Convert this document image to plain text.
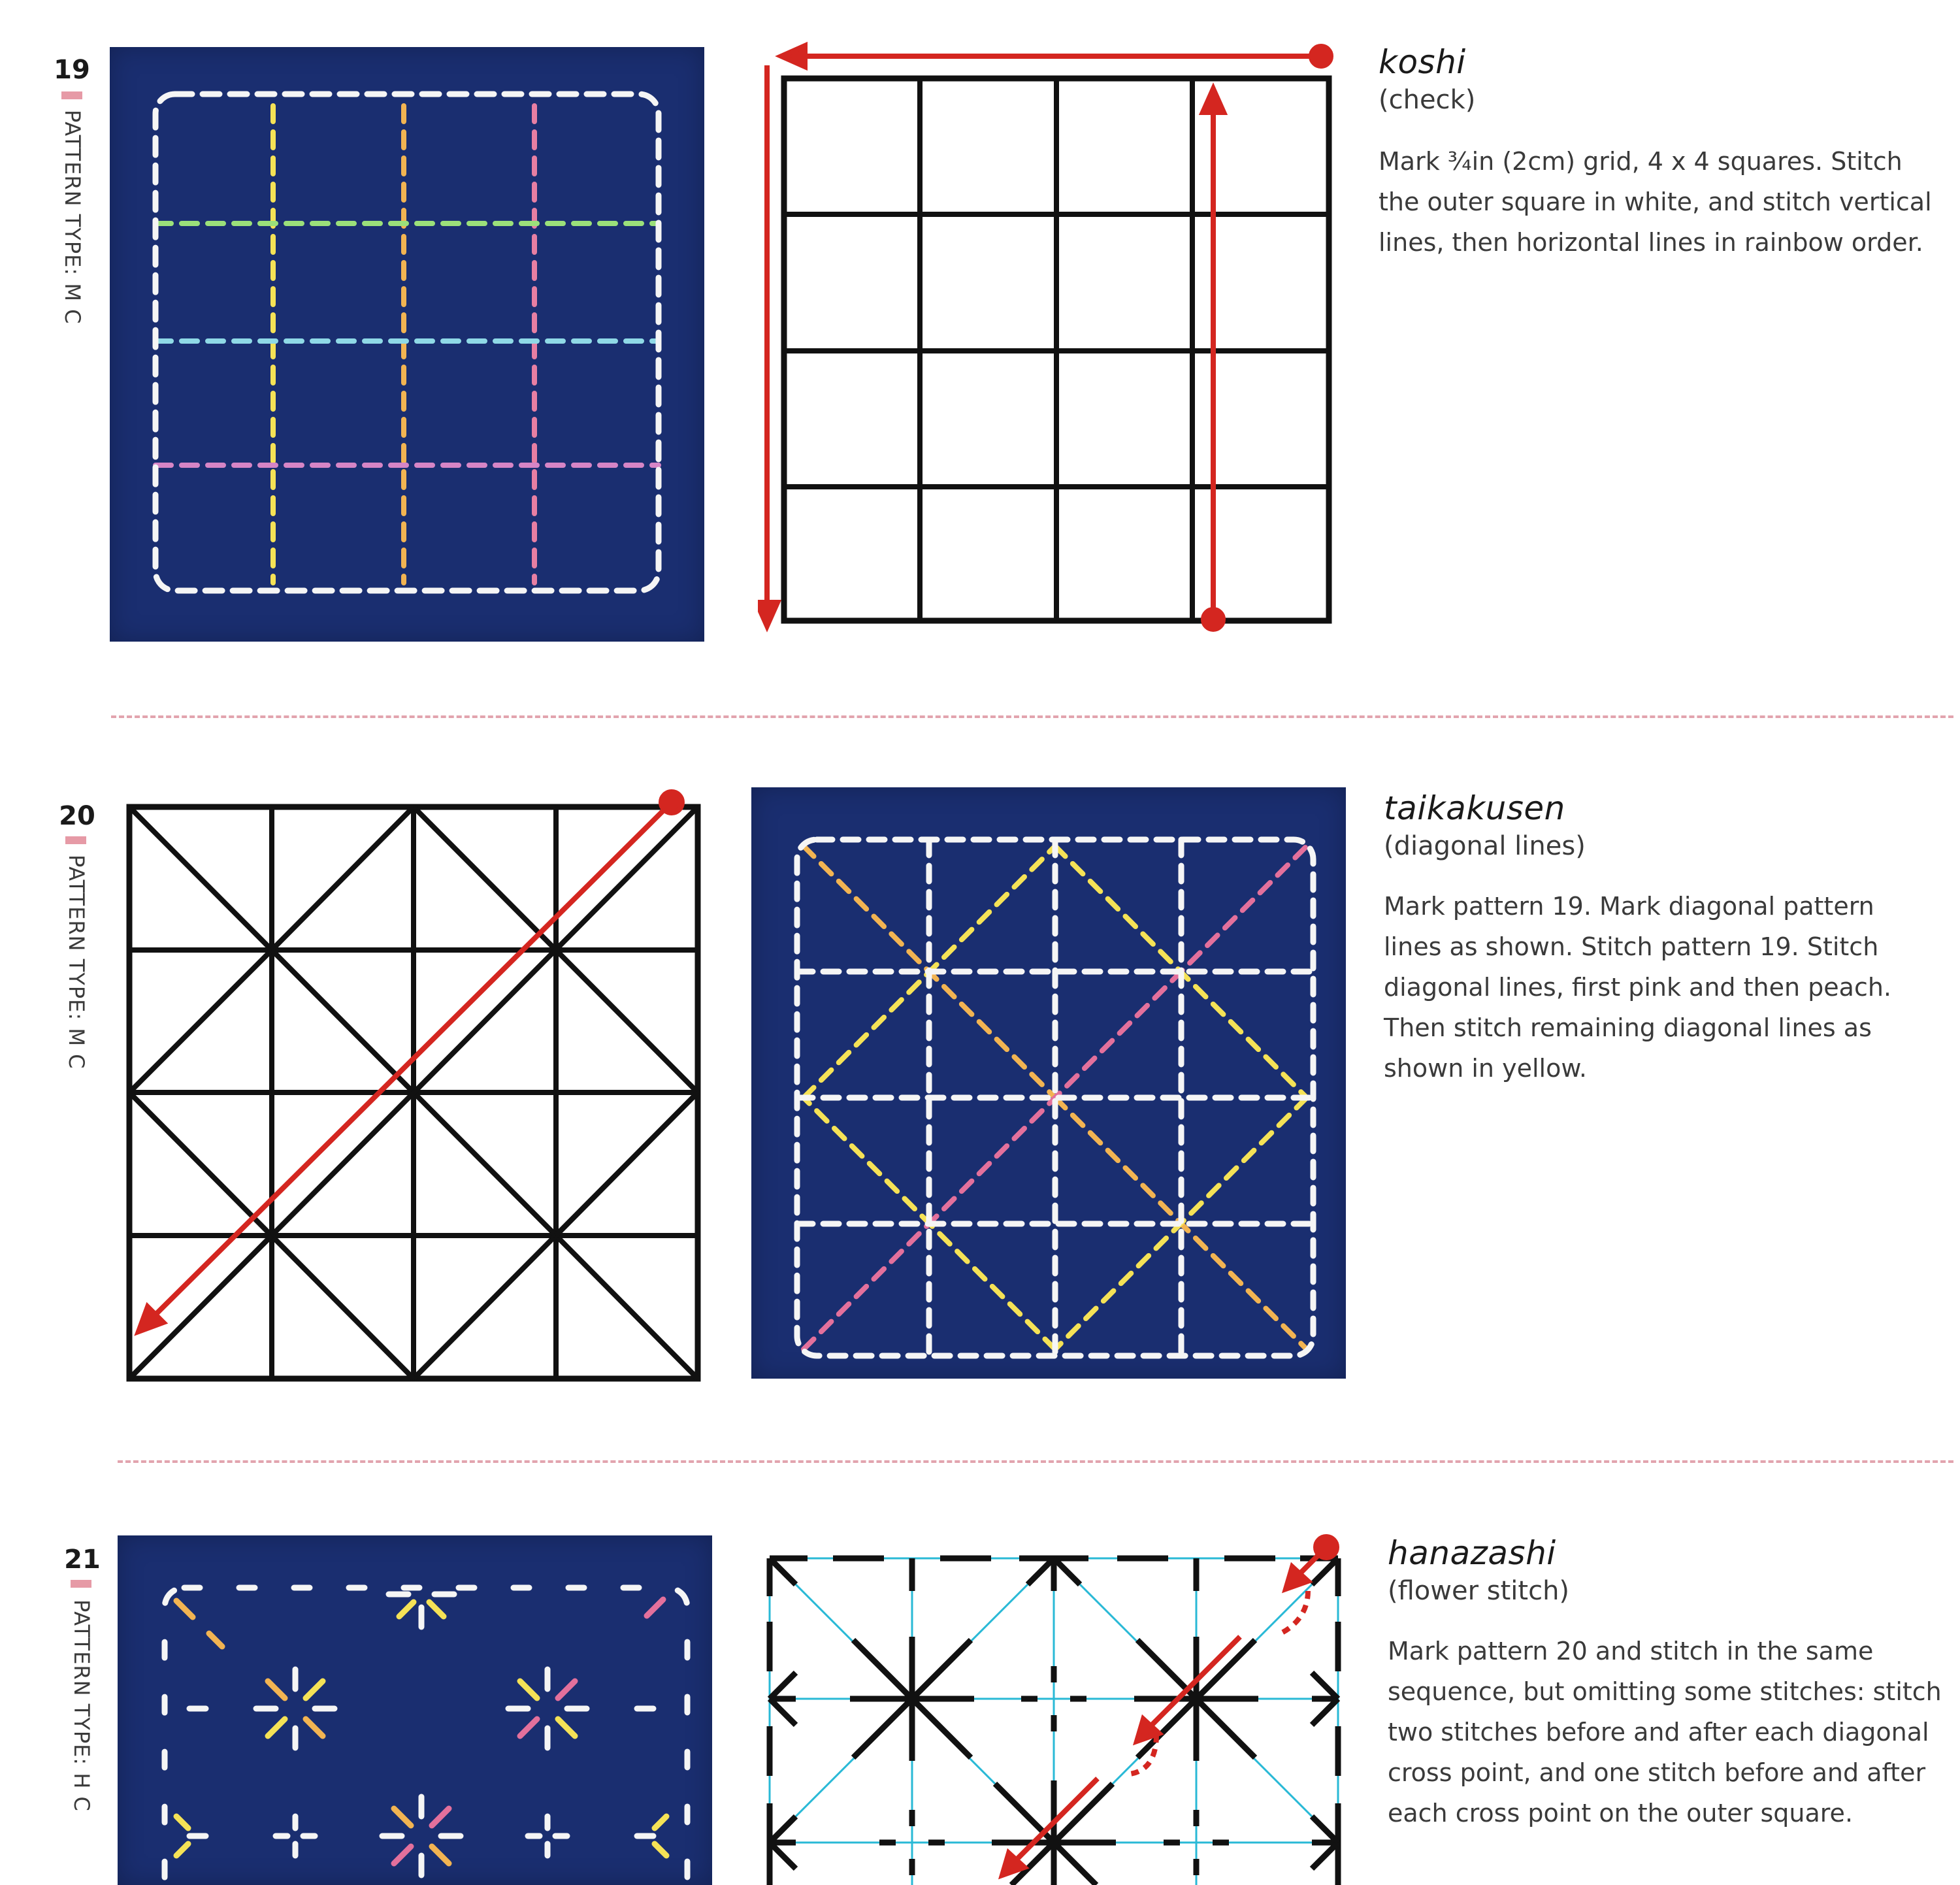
19
PATTERN TYPE: M C
koshi
(check)
Mark ¾in (2cm) grid, 4 x 4 squares. Stitch
the outer square in white, and stitch vertical
lines, then horizontal lines in rainbow order.
20
PATTERN TYPE: M C
taikakusen
(diagonal lines)
Mark pattern 19. Mark diagonal pattern
lines as shown. Stitch pattern 19. Stitch
diagonal lines, first pink and then peach.
Then stitch remaining diagonal lines as
shown in yellow.
21
PATTERN TYPE: H C
hanazashi
(flower stitch)
Mark pattern 20 and stitch in the same
sequence, but omitting some stitches: stitch
two stitches before and after each diagonal
cross point, and one stitch before and after
each cross point on the outer square.
